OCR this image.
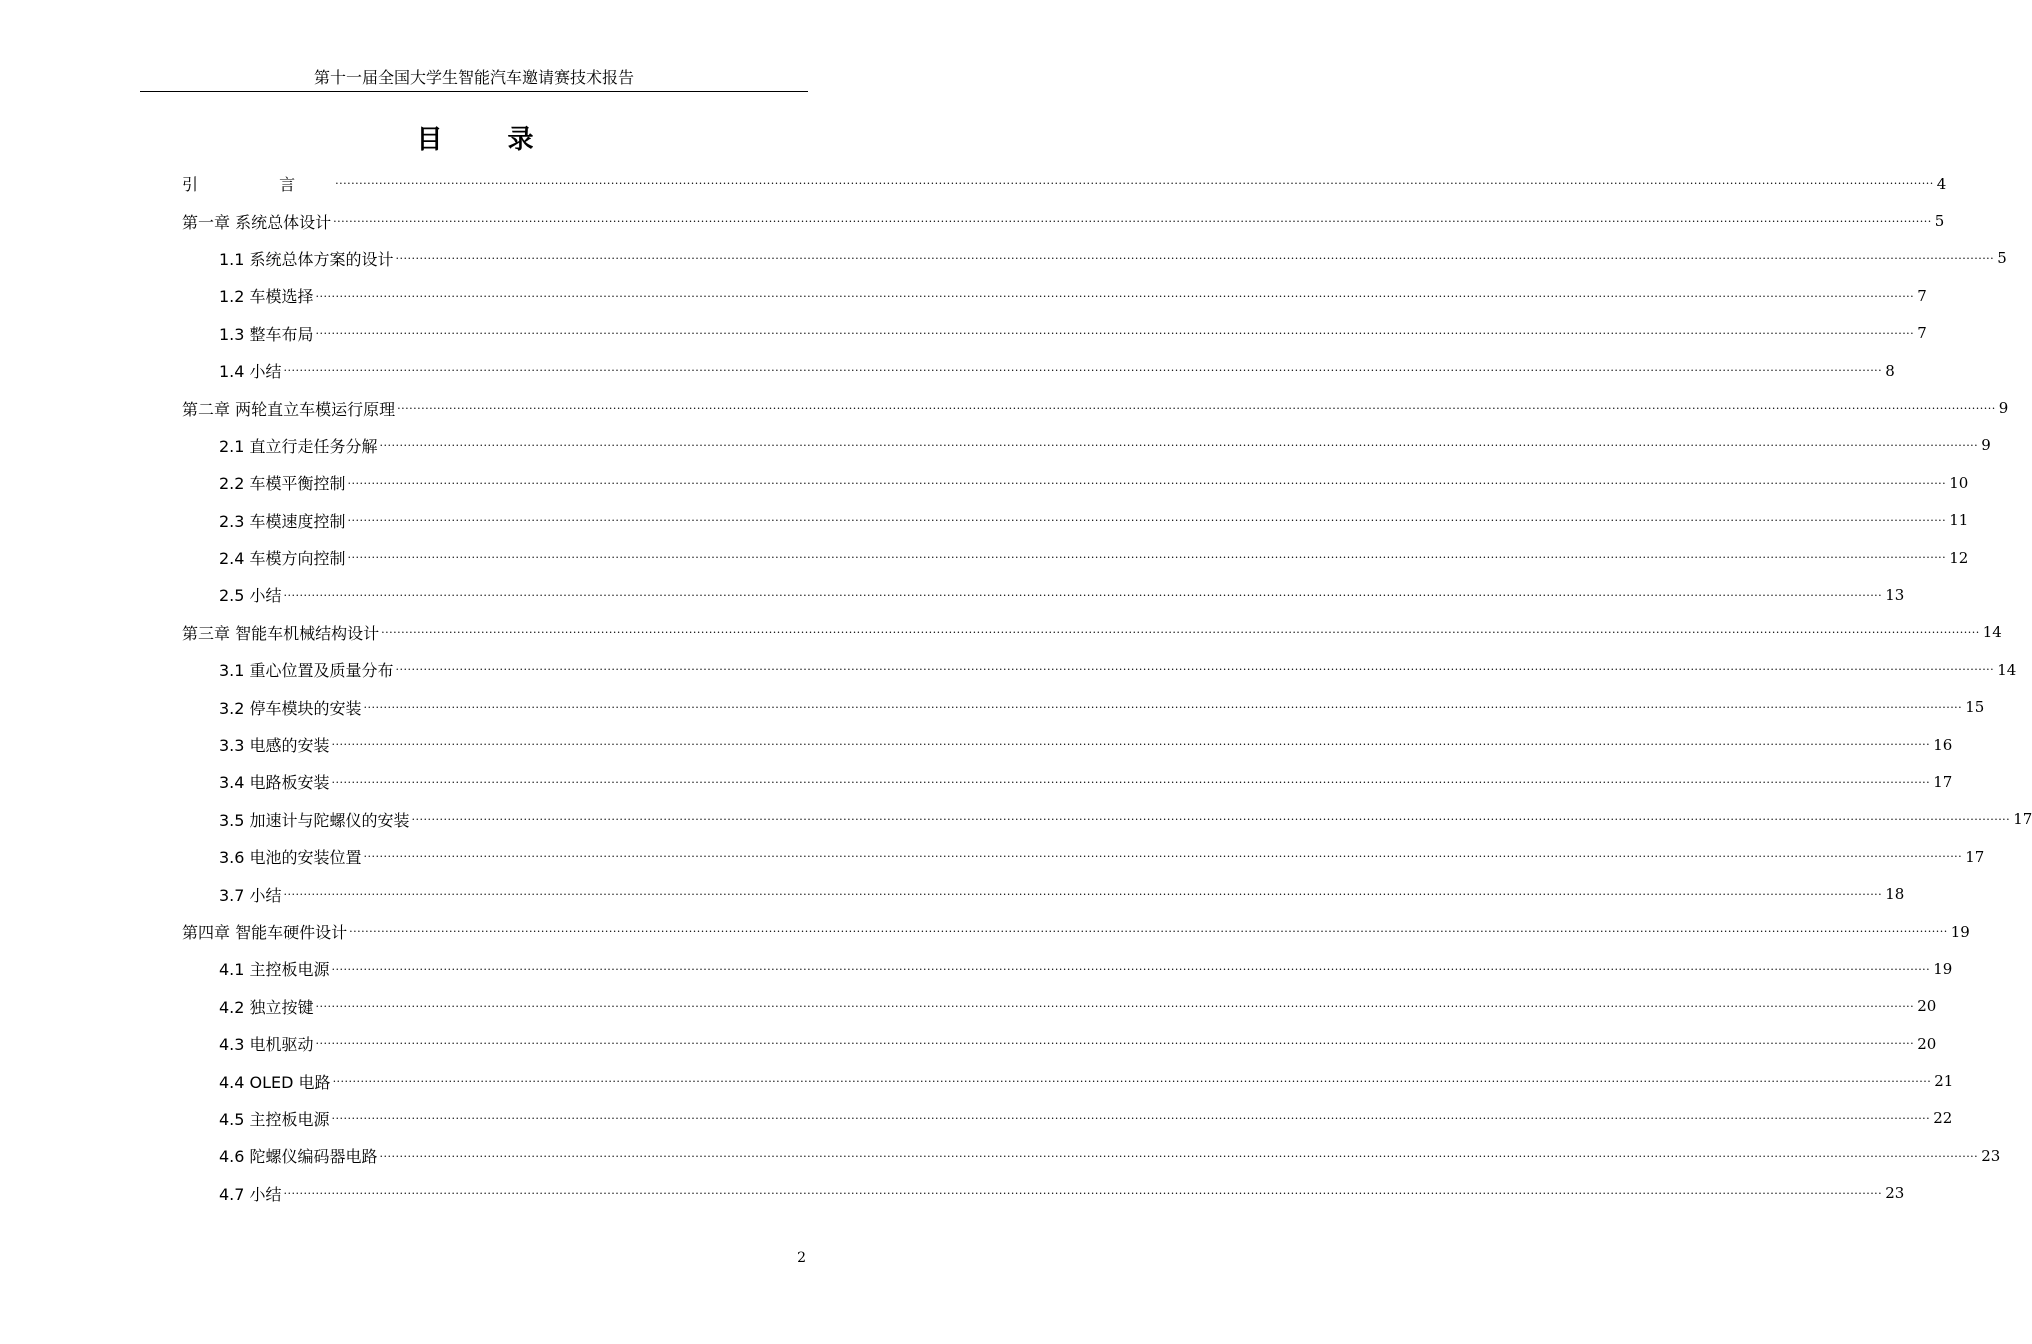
第十一届全国大学生智能汽车邀请赛技术报告
目 录
引 言 ................................................................................................................................................................................................................................................................................................................................................................................................................ 4
第一章 系统总体设计 ................................................................................................................................................................................................................................................................................................................................................................................................................ 5
1.1 系统总体方案的设计 ................................................................................................................................................................................................................................................................................................................................................................................................................ 5
1.2 车模选择 ................................................................................................................................................................................................................................................................................................................................................................................................................ 7
1.3 整车布局 ................................................................................................................................................................................................................................................................................................................................................................................................................ 7
1.4 小结 ................................................................................................................................................................................................................................................................................................................................................................................................................ 8
第二章 两轮直立车模运行原理 ................................................................................................................................................................................................................................................................................................................................................................................................................ 9
2.1 直立行走任务分解 ................................................................................................................................................................................................................................................................................................................................................................................................................ 9
2.2 车模平衡控制 ................................................................................................................................................................................................................................................................................................................................................................................................................ 10
2.3 车模速度控制 ................................................................................................................................................................................................................................................................................................................................................................................................................ 11
2.4 车模方向控制 ................................................................................................................................................................................................................................................................................................................................................................................................................ 12
2.5 小结 ................................................................................................................................................................................................................................................................................................................................................................................................................ 13
第三章 智能车机械结构设计 ................................................................................................................................................................................................................................................................................................................................................................................................................ 14
3.1 重心位置及质量分布 ................................................................................................................................................................................................................................................................................................................................................................................................................ 14
3.2 停车模块的安装 ................................................................................................................................................................................................................................................................................................................................................................................................................ 15
3.3 电感的安装 ................................................................................................................................................................................................................................................................................................................................................................................................................ 16
3.4 电路板安装 ................................................................................................................................................................................................................................................................................................................................................................................................................ 17
3.5 加速计与陀螺仪的安装 ................................................................................................................................................................................................................................................................................................................................................................................................................ 17
3.6 电池的安装位置 ................................................................................................................................................................................................................................................................................................................................................................................................................ 17
3.7 小结 ................................................................................................................................................................................................................................................................................................................................................................................................................ 18
第四章 智能车硬件设计 ................................................................................................................................................................................................................................................................................................................................................................................................................ 19
4.1 主控板电源 ................................................................................................................................................................................................................................................................................................................................................................................................................ 19
4.2 独立按键 ................................................................................................................................................................................................................................................................................................................................................................................................................ 20
4.3 电机驱动 ................................................................................................................................................................................................................................................................................................................................................................................................................ 20
4.4 OLED 电路 ................................................................................................................................................................................................................................................................................................................................................................................................................ 21
4.5 主控板电源 ................................................................................................................................................................................................................................................................................................................................................................................................................ 22
4.6 陀螺仪编码器电路 ................................................................................................................................................................................................................................................................................................................................................................................................................ 23
4.7 小结 ................................................................................................................................................................................................................................................................................................................................................................................................................ 23
2
